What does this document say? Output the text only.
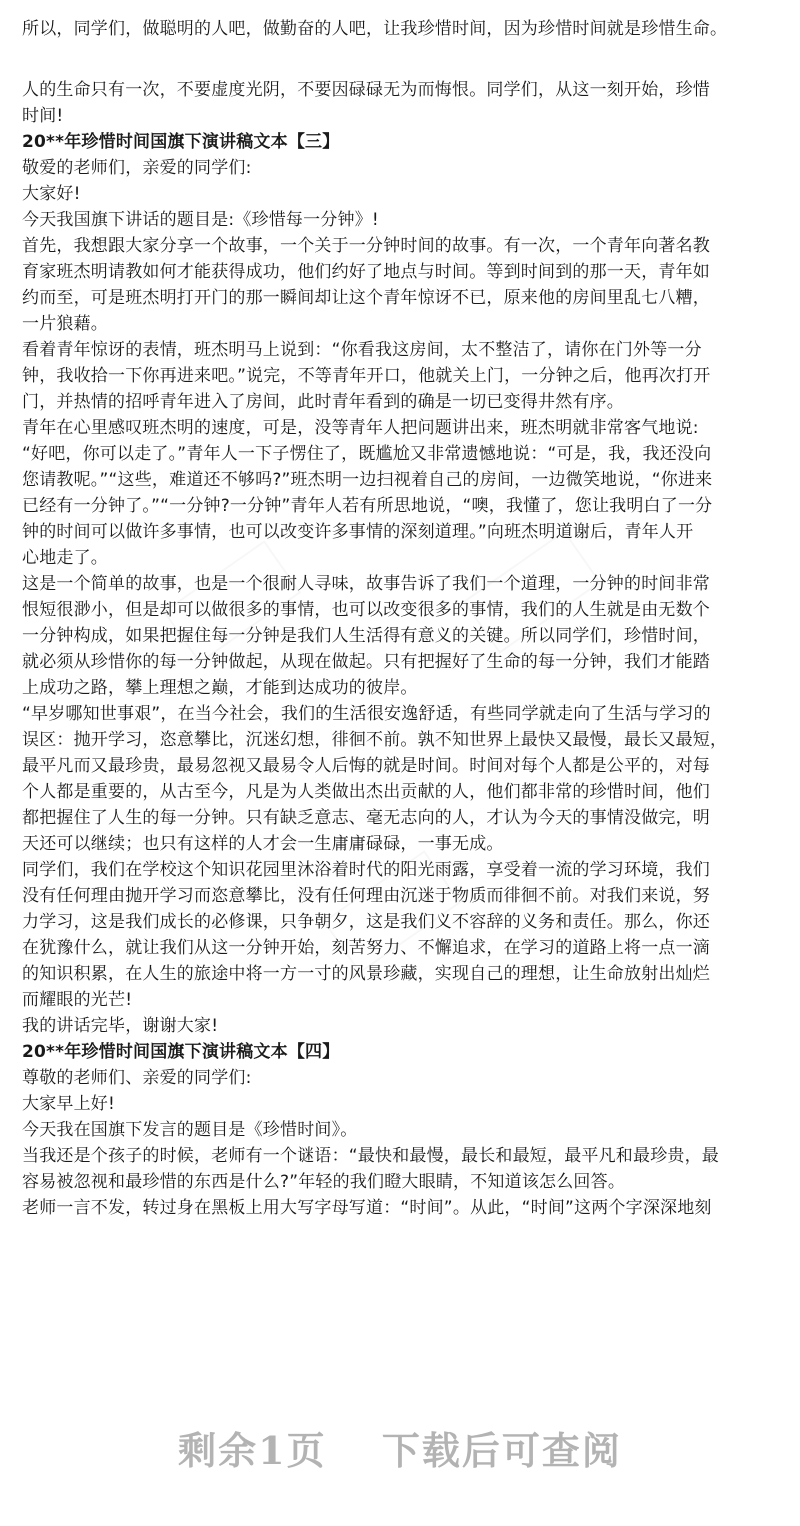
所以，同学们，做聪明的人吧，做勤奋的人吧，让我珍惜时间，因为珍惜时间就是珍惜生命。
人的生命只有一次，不要虚度光阴，不要因碌碌无为而悔恨。同学们，从这一刻开始，珍惜
时间!
20**年珍惜时间国旗下演讲稿文本【三】
敬爱的老师们，亲爱的同学们:
大家好!
今天我国旗下讲话的题目是:《珍惜每一分钟》!
首先，我想跟大家分享一个故事，一个关于一分钟时间的故事。有一次，一个青年向著名教
育家班杰明请教如何才能获得成功，他们约好了地点与时间。等到时间到的那一天，青年如
约而至，可是班杰明打开门的那一瞬间却让这个青年惊讶不已，原来他的房间里乱七八糟，
一片狼藉。
看着青年惊讶的表情，班杰明马上说到：“你看我这房间，太不整洁了，请你在门外等一分
钟，我收拾一下你再进来吧。”说完，不等青年开口，他就关上门，一分钟之后，他再次打开
门，并热情的招呼青年进入了房间，此时青年看到的确是一切已变得井然有序。
青年在心里感叹班杰明的速度，可是，没等青年人把问题讲出来，班杰明就非常客气地说:
“好吧，你可以走了。”青年人一下子愣住了，既尴尬又非常遗憾地说：“可是，我，我还没向
您请教呢。”“这些，难道还不够吗?”班杰明一边扫视着自己的房间，一边微笑地说，“你进来
已经有一分钟了。”“一分钟?一分钟”青年人若有所思地说，“噢，我懂了，您让我明白了一分
钟的时间可以做许多事情，也可以改变许多事情的深刻道理。”向班杰明道谢后，青年人开
心地走了。
这是一个简单的故事，也是一个很耐人寻味，故事告诉了我们一个道理，一分钟的时间非常
恨短很渺小，但是却可以做很多的事情，也可以改变很多的事情，我们的人生就是由无数个
一分钟构成，如果把握住每一分钟是我们人生活得有意义的关键。所以同学们，珍惜时间，
就必须从珍惜你的每一分钟做起，从现在做起。只有把握好了生命的每一分钟，我们才能踏
上成功之路，攀上理想之巅，才能到达成功的彼岸。
“早岁哪知世事艰”，在当今社会，我们的生活很安逸舒适，有些同学就走向了生活与学习的
误区：抛开学习，恣意攀比，沉迷幻想，徘徊不前。孰不知世界上最快又最慢，最长又最短，
最平凡而又最珍贵，最易忽视又最易令人后悔的就是时间。时间对每个人都是公平的，对每
个人都是重要的，从古至今，凡是为人类做出杰出贡献的人，他们都非常的珍惜时间，他们
都把握住了人生的每一分钟。只有缺乏意志、毫无志向的人，才认为今天的事情没做完，明
天还可以继续；也只有这样的人才会一生庸庸碌碌，一事无成。
同学们，我们在学校这个知识花园里沐浴着时代的阳光雨露，享受着一流的学习环境，我们
没有任何理由抛开学习而恣意攀比，没有任何理由沉迷于物质而徘徊不前。对我们来说，努
力学习，这是我们成长的必修课，只争朝夕，这是我们义不容辞的义务和责任。那么，你还
在犹豫什么，就让我们从这一分钟开始，刻苦努力、不懈追求，在学习的道路上将一点一滴
的知识积累，在人生的旅途中将一方一寸的风景珍藏，实现自己的理想，让生命放射出灿烂
而耀眼的光芒!
我的讲话完毕，谢谢大家!
20**年珍惜时间国旗下演讲稿文本【四】
尊敬的老师们、亲爱的同学们:
大家早上好!
今天我在国旗下发言的题目是《珍惜时间》。
当我还是个孩子的时候，老师有一个谜语：“最快和最慢，最长和最短，最平凡和最珍贵，最
容易被忽视和最珍惜的东西是什么?”年轻的我们瞪大眼睛，不知道该怎么回答。
老师一言不发，转过身在黑板上用大写字母写道：“时间”。从此，“时间”这两个字深深地刻
剩余1页 下载后可查阅
